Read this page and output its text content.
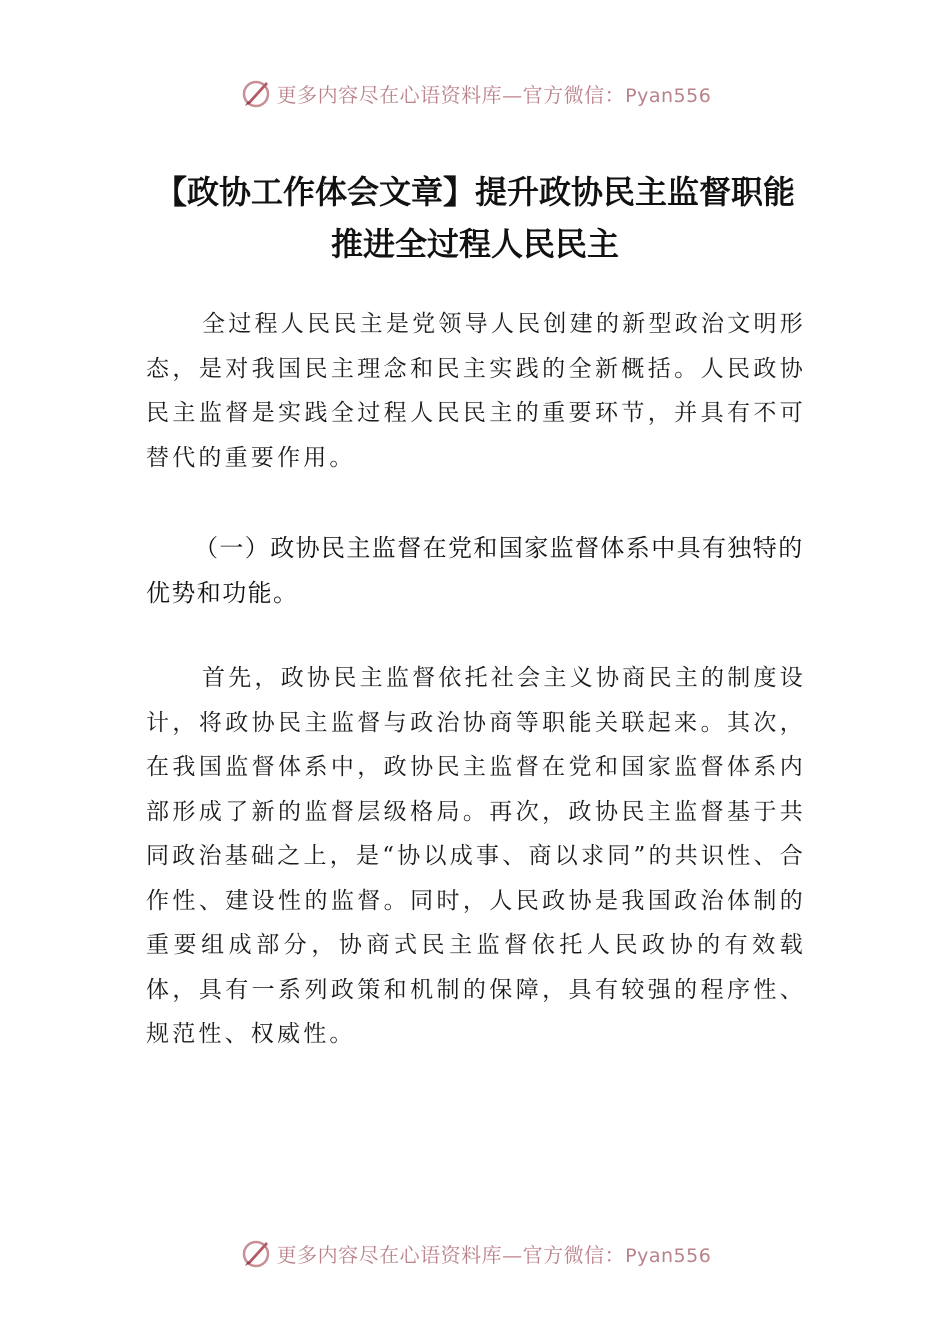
更多内容尽在心语资料库—官方微信：Pyan556
【政协工作体会文章】提升政协民主监督职能 推进全过程人民民主

全过程人民民主是党领导人民创建的新型政治文明形态，是对我国民主理念和民主实践的全新概括。人民政协民主监督是实践全过程人民民主的重要环节，并具有不可替代的重要作用。

（一）政协民主监督在党和国家监督体系中具有独特的优势和功能。

首先，政协民主监督依托社会主义协商民主的制度设计，将政协民主监督与政治协商等职能关联起来。其次，在我国监督体系中，政协民主监督在党和国家监督体系内部形成了新的监督层级格局。再次，政协民主监督基于共同政治基础之上，是“协以成事、商以求同”的共识性、合作性、建设性的监督。同时，人民政协是我国政治体制的重要组成部分，协商式民主监督依托人民政协的有效载体，具有一系列政策和机制的保障，具有较强的程序性、规范性、权威性。

更多内容尽在心语资料库—官方微信：Pyan556
